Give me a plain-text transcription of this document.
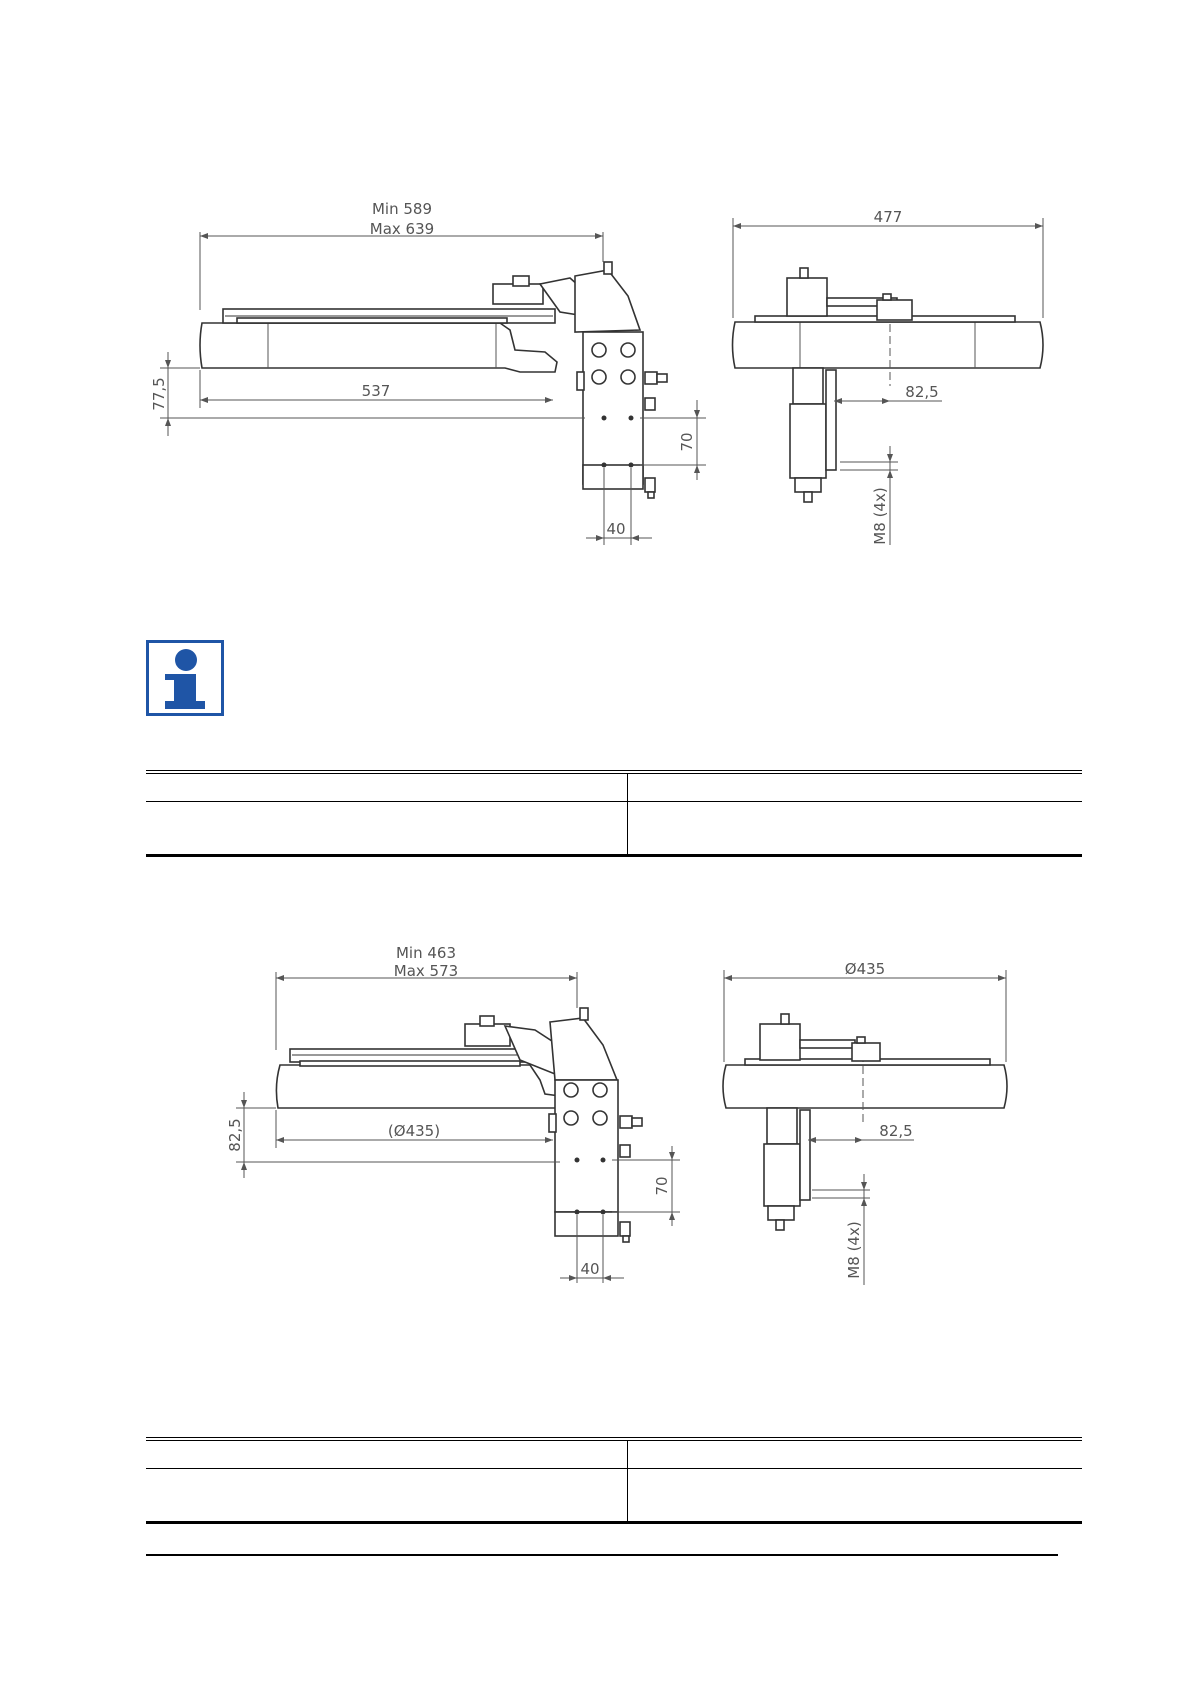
Min 589
Max 639
537
77,5
70
40
477
82,5
M8 (4x)
Min 463
Max 573
(Ø435)
82,5
70
40
Ø435
82,5
M8 (4x)
